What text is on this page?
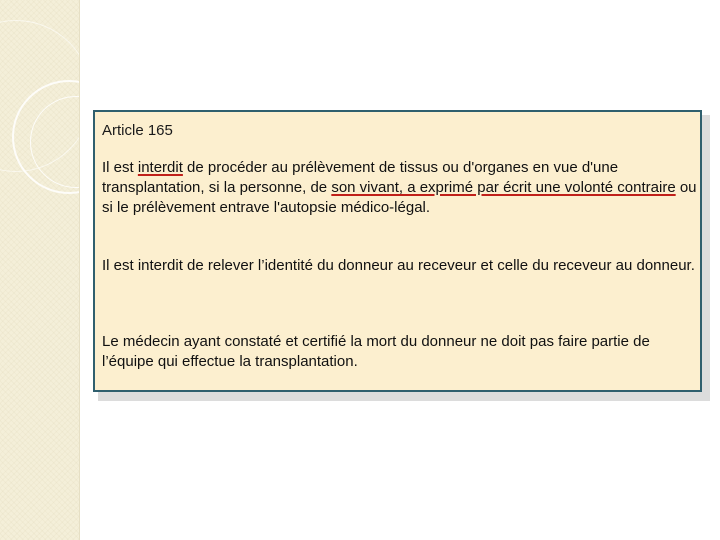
Article 165
Il est interdit de procéder au prélèvement de tissus ou d'organes en vue d'une transplantation, si la personne, de son vivant, a exprimé par écrit une volonté contraire ou si le prélèvement entrave l'autopsie médico-légal.
Il est interdit de relever l’identité du donneur au receveur et celle du receveur au donneur.
Le médecin ayant constaté et certifié la mort du donneur ne doit pas faire partie de l’équipe qui effectue la transplantation.
